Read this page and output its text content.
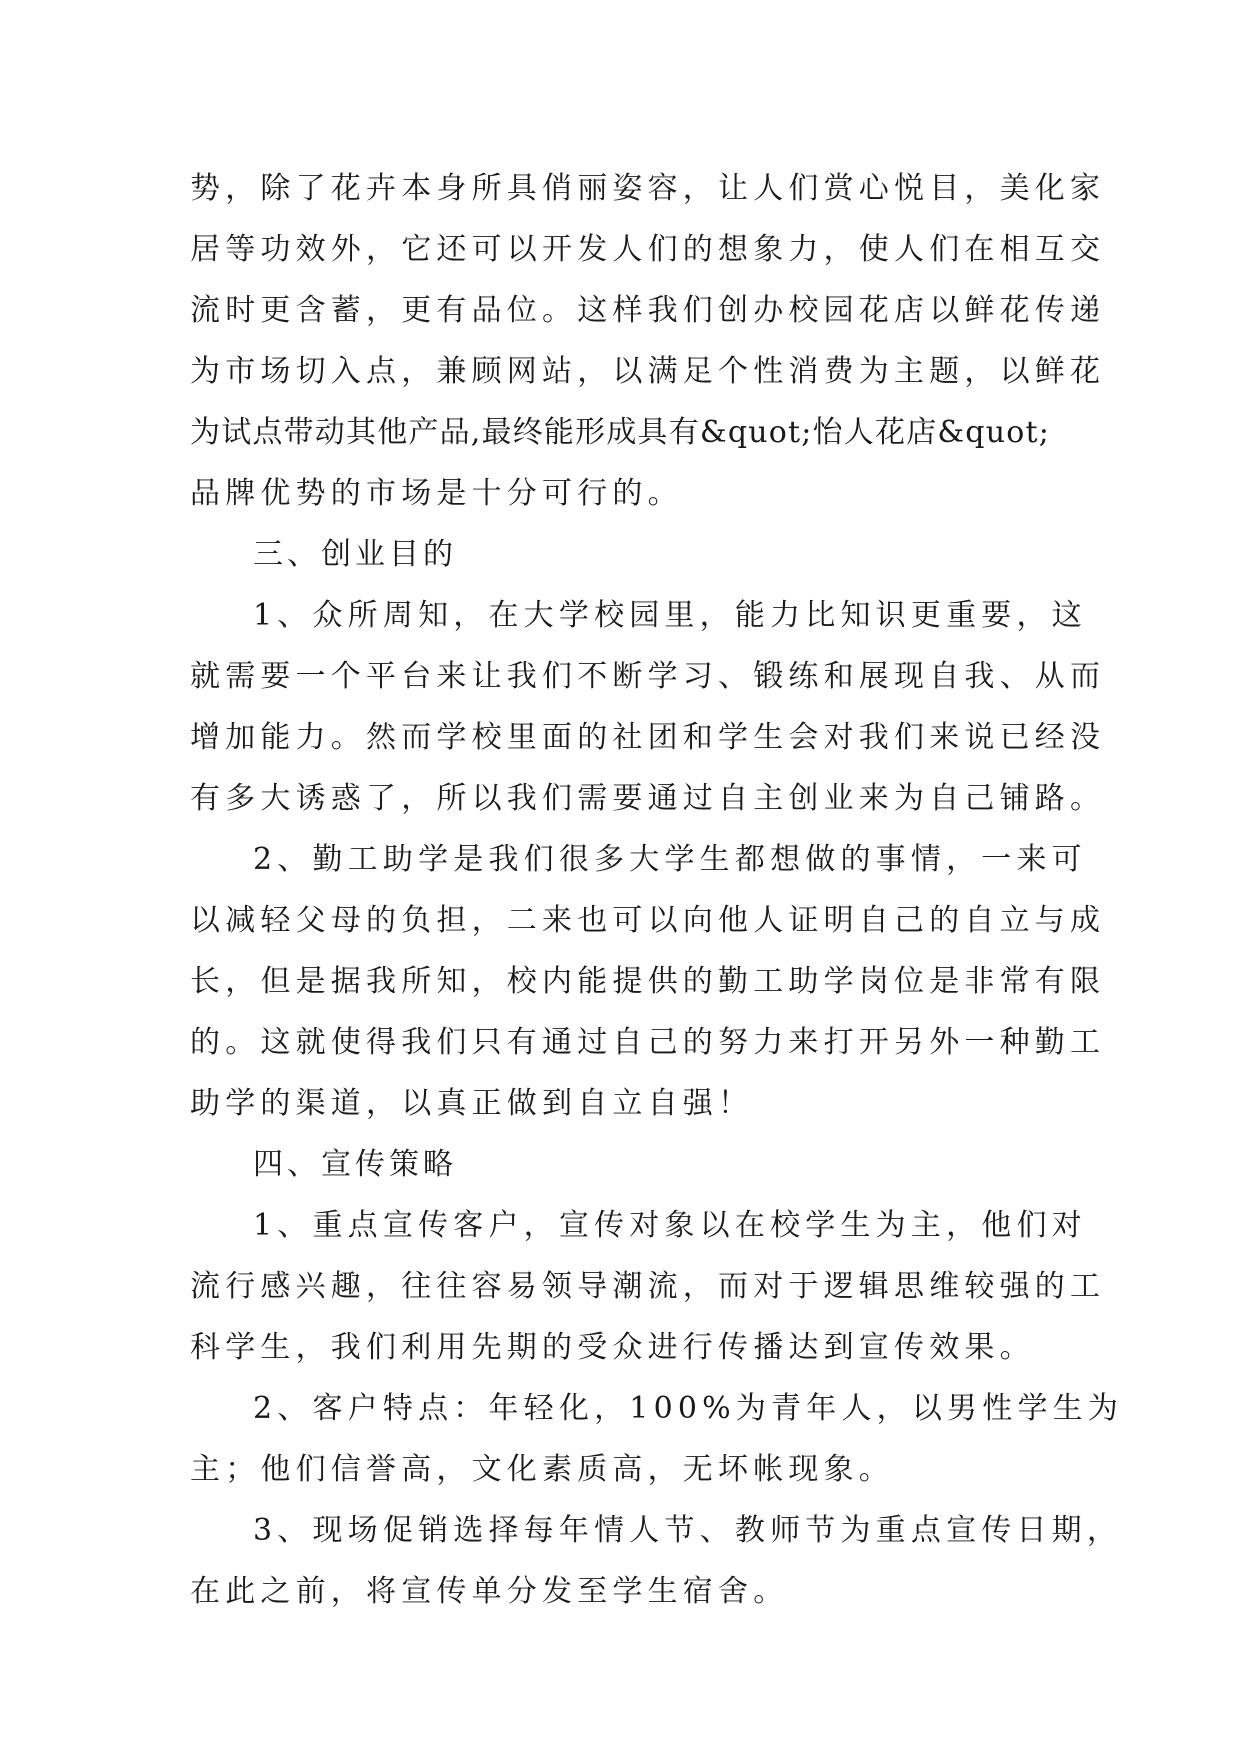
势，除了花卉本身所具俏丽姿容，让人们赏心悦目，美化家
居等功效外，它还可以开发人们的想象力，使人们在相互交
流时更含蓄，更有品位。这样我们创办校园花店以鲜花传递
为市场切入点，兼顾网站，以满足个性消费为主题，以鲜花
为试点带动其他产品,最终能形成具有&quot;怡人花店&quot;
品牌优势的市场是十分可行的。
三、创业目的
1、众所周知，在大学校园里，能力比知识更重要，这
就需要一个平台来让我们不断学习、锻练和展现自我、从而
增加能力。然而学校里面的社团和学生会对我们来说已经没
有多大诱惑了，所以我们需要通过自主创业来为自己铺路。
2、勤工助学是我们很多大学生都想做的事情，一来可
以减轻父母的负担，二来也可以向他人证明自己的自立与成
长，但是据我所知，校内能提供的勤工助学岗位是非常有限
的。这就使得我们只有通过自己的努力来打开另外一种勤工
助学的渠道，以真正做到自立自强！
四、宣传策略
1、重点宣传客户，宣传对象以在校学生为主，他们对
流行感兴趣，往往容易领导潮流，而对于逻辑思维较强的工
科学生，我们利用先期的受众进行传播达到宣传效果。
2、客户特点：年轻化，100%为青年人，以男性学生为
主；他们信誉高，文化素质高，无坏帐现象。
3、现场促销选择每年情人节、教师节为重点宣传日期，
在此之前，将宣传单分发至学生宿舍。
